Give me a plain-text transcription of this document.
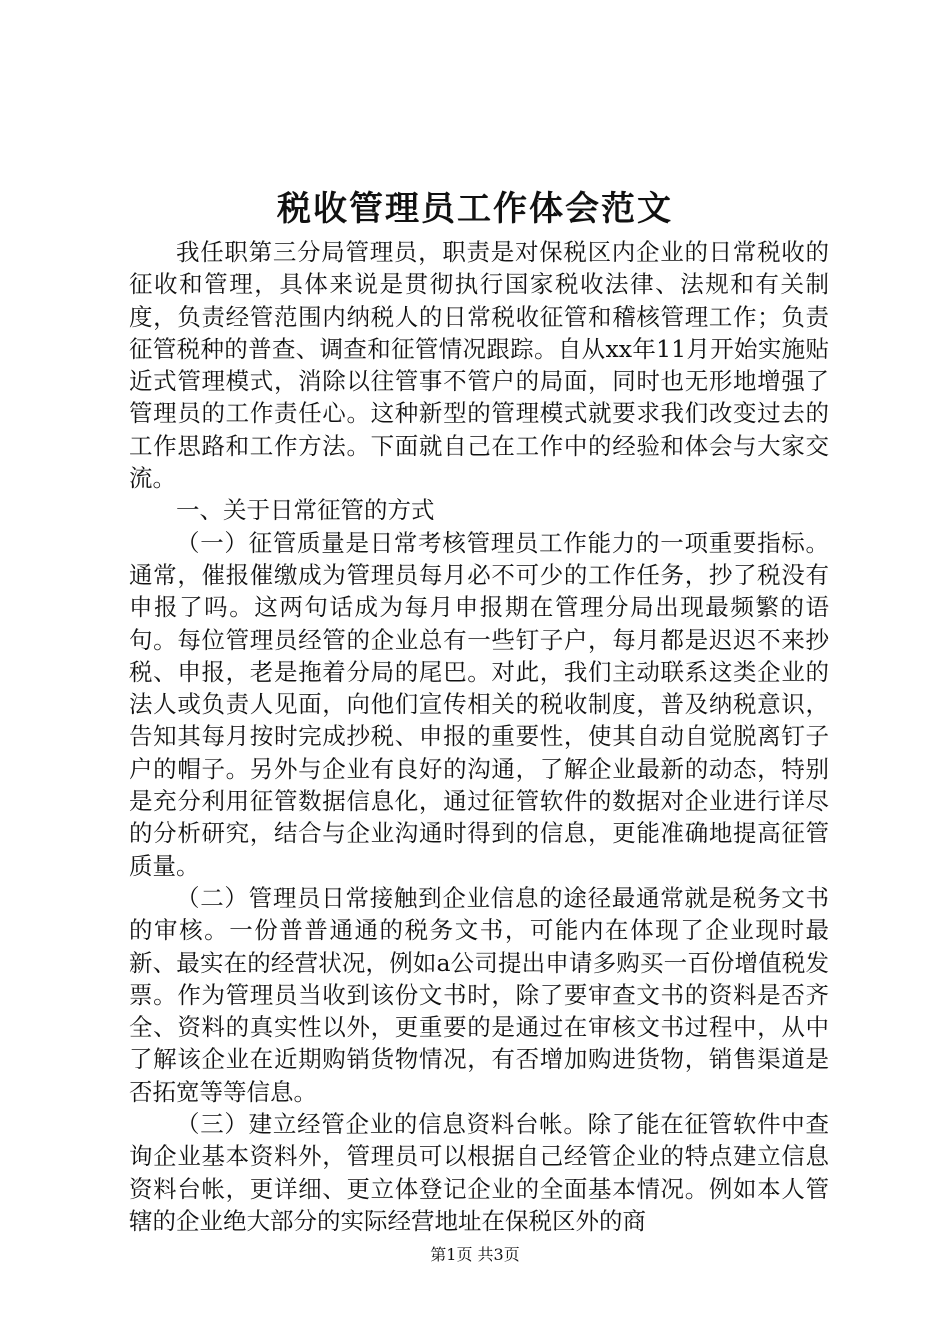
税收管理员工作体会范文

我任职第三分局管理员，职责是对保税区内企业的日常税收的征收和管理，具体来说是贯彻执行国家税收法律、法规和有关制度，负责经管范围内纳税人的日常税收征管和稽核管理工作；负责征管税种的普查、调查和征管情况跟踪。自从xx年11月开始实施贴近式管理模式，消除以往管事不管户的局面，同时也无形地增强了管理员的工作责任心。这种新型的管理模式就要求我们改变过去的工作思路和工作方法。下面就自己在工作中的经验和体会与大家交流。

一、关于日常征管的方式

（一）征管质量是日常考核管理员工作能力的一项重要指标。通常，催报催缴成为管理员每月必不可少的工作任务，抄了税没有申报了吗。这两句话成为每月申报期在管理分局出现最频繁的语句。每位管理员经管的企业总有一些钉子户，每月都是迟迟不来抄税、申报，老是拖着分局的尾巴。对此，我们主动联系这类企业的法人或负责人见面，向他们宣传相关的税收制度，普及纳税意识，告知其每月按时完成抄税、申报的重要性，使其自动自觉脱离钉子户的帽子。另外与企业有良好的沟通，了解企业最新的动态，特别是充分利用征管数据信息化，通过征管软件的数据对企业进行详尽的分析研究，结合与企业沟通时得到的信息，更能准确地提高征管质量。

（二）管理员日常接触到企业信息的途径最通常就是税务文书的审核。一份普普通通的税务文书，可能内在体现了企业现时最新、最实在的经营状况，例如a公司提出申请多购买一百份增值税发票。作为管理员当收到该份文书时，除了要审查文书的资料是否齐全、资料的真实性以外，更重要的是通过在审核文书过程中，从中了解该企业在近期购销货物情况，有否增加购进货物，销售渠道是否拓宽等等信息。

（三）建立经管企业的信息资料台帐。除了能在征管软件中查询企业基本资料外，管理员可以根据自己经管企业的特点建立信息资料台帐，更详细、更立体登记企业的全面基本情况。例如本人管辖的企业绝大部分的实际经营地址在保税区外的商

第1页 共3页
